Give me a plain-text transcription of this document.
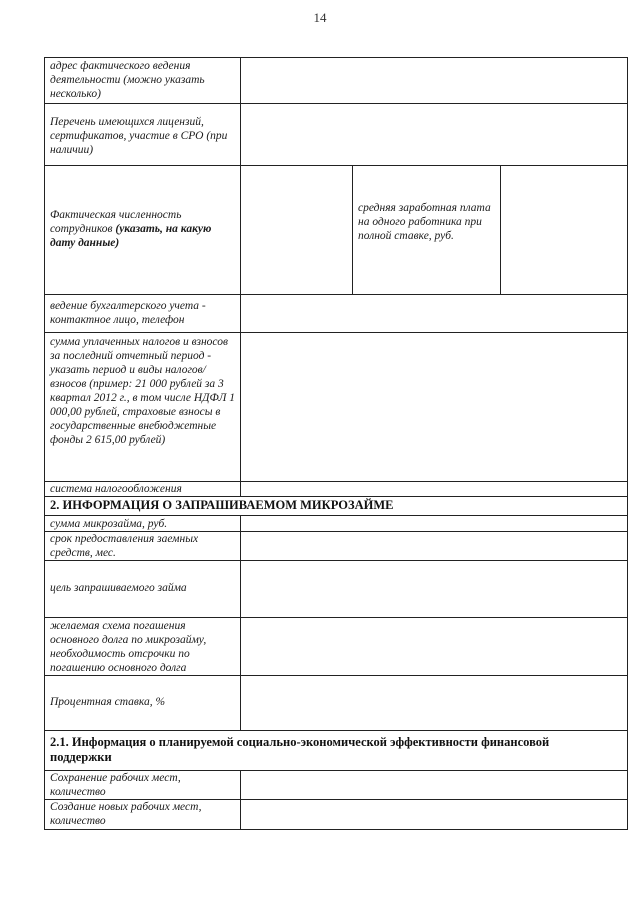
14
адрес фактического ведения деятельности (можно указать несколько)
Перечень имеющихся лицензий, сертификатов, участие в СРО (при наличии)
Фактическая численность сотрудников (указать, на какую дату данные)
средняя заработная плата на одного работника при полной ставке, руб.
ведение бухгалтерского учета - контактное лицо, телефон
сумма уплаченных налогов и взносов за последний отчетный период - указать период и виды налогов/взносов (пример: 21 000 рублей за 3 квартал 2012 г., в том числе НДФЛ 1 000,00 рублей, страховые взносы в государственные внебюджетные фонды 2 615,00 рублей)
система налогообложения
2. ИНФОРМАЦИЯ О ЗАПРАШИВАЕМОМ МИКРОЗАЙМЕ
сумма микрозайма, руб.
срок предоставления заемных средств, мес.
цель запрашиваемого займа
желаемая схема погашения основного долга по микрозайму, необходимость отсрочки по погашению основного долга
Процентная ставка, %
2.1. Информация о планируемой социально-экономической эффективности финансовой поддержки
Сохранение рабочих мест, количество
Создание новых рабочих мест, количество
